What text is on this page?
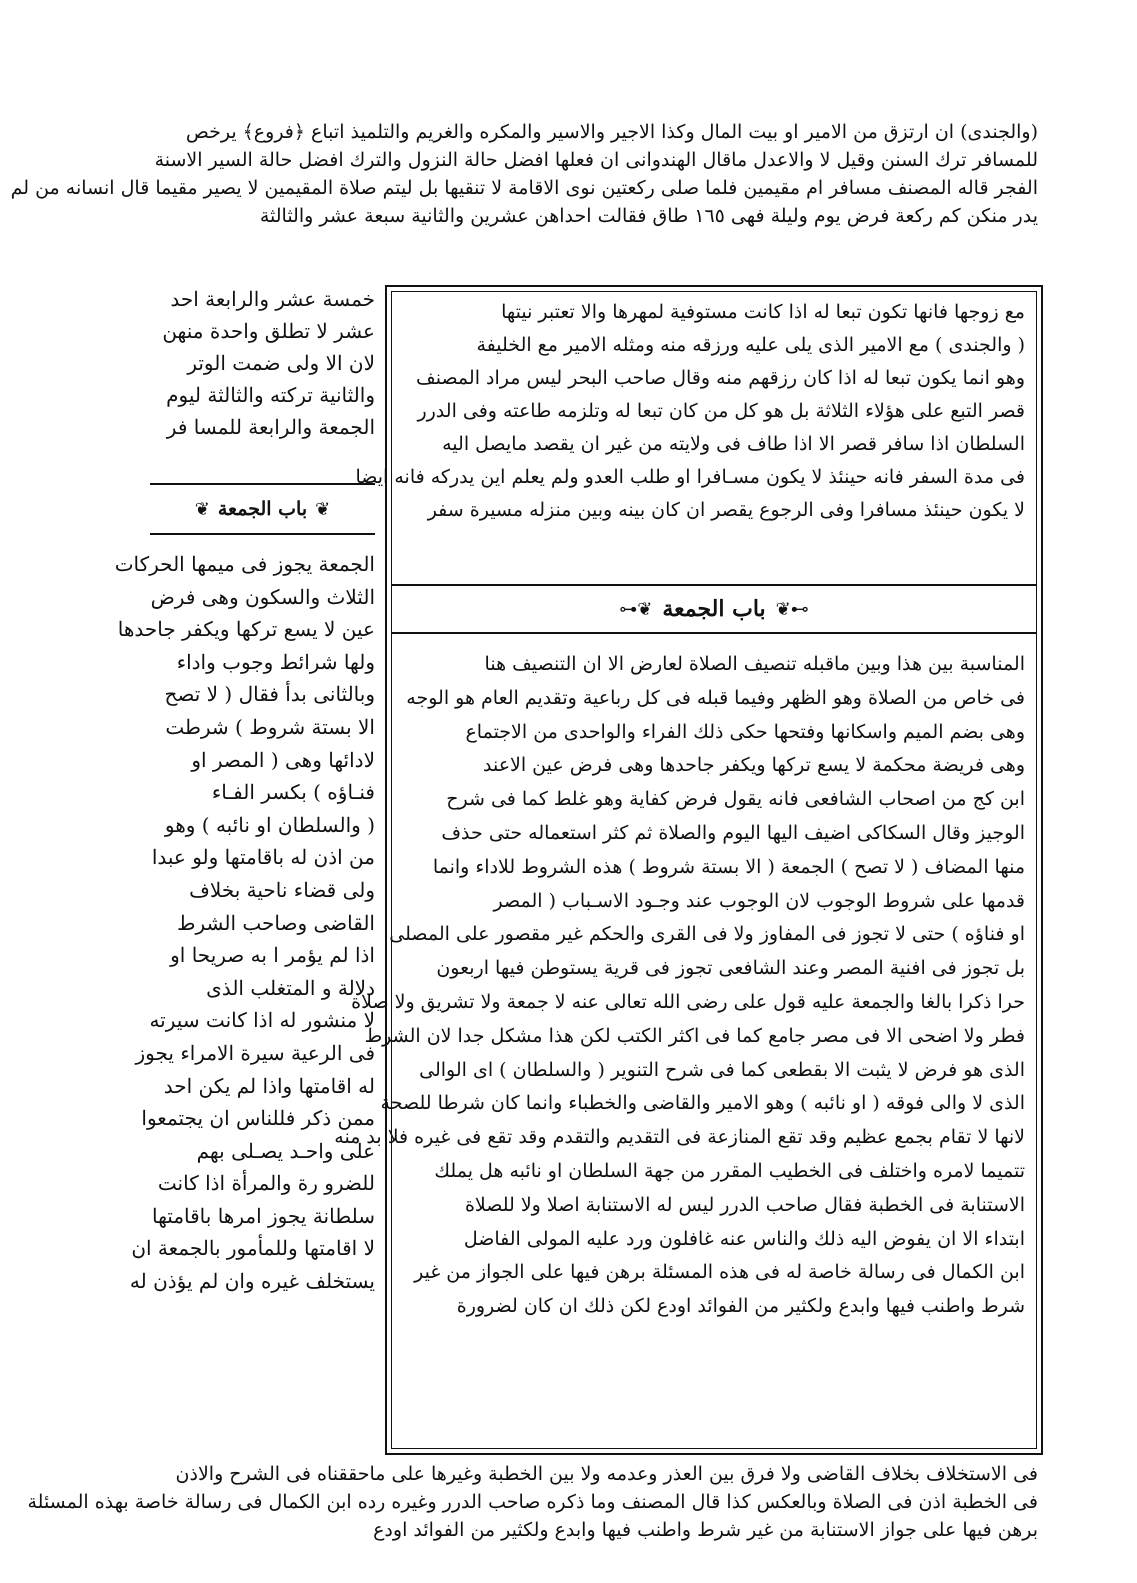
(والجندى) ان ارتزق من الامير او بيت المال وكذا الاجير والاسير والمكره والغريم والتلميذ اتباع ﴿فروع﴾ يرخص
للمسافر ترك السنن وقيل لا والاعدل ماقال الهندوانى ان فعلها افضل حالة النزول والترك افضل حالة السير الاسنة
الفجر قاله المصنف مسافر ام مقيمين فلما صلى ركعتين نوى الاقامة لا تنقيها بل ليتم صلاة المقيمين لا يصير مقيما قال انسانه من لم
يدر منكن كم ركعة فرض يوم وليلة فهى ١٦٥ طاق فقالت احداهن عشرين والثانية سبعة عشر والثالثة
خمسة عشر والرابعة احد
عشر لا تطلق واحدة منهن
لان الا ولى ضمت الوتر
والثانية تركته والثالثة ليوم
الجمعة والرابعة للمسا فر
❦
باب الجمعة
❦
الجمعة يجوز فى ميمها الحركات
الثلاث والسكون وهى فرض
عين لا يسع تركها ويكفر جاحدها
ولها شرائط وجوب واداء
وبالثانى بدأ فقال ( لا تصح
الا بستة شروط ) شرطت
لادائها وهى ( المصر او
فنـاؤه ) بكسر الفـاء
( والسلطان او نائبه ) وهو
من اذن له باقامتها ولو عبدا
ولى قضاء ناحية بخلاف
القاضى وصاحب الشرط
اذا لم يؤمر ا به صريحا او
دلالة و المتغلب الذى
لا منشور له اذا كانت سيرته
فى الرعية سيرة الامراء يجوز
له اقامتها واذا لم يكن احد
ممن ذكر فللناس ان يجتمعوا
على واحـد يصـلى بهم
للضرو رة والمرأة اذا كانت
سلطانة يجوز امرها باقامتها
لا اقامتها وللمأمور بالجمعة ان
يستخلف غيره وان لم يؤذن له
مع زوجها فانها تكون تبعا له اذا كانت مستوفية لمهرها والا تعتبر نيتها
( والجندى ) مع الامير الذى يلى عليه ورزقه منه ومثله الامير مع الخليفة
وهو انما يكون تبعا له اذا كان رزقهم منه وقال صاحب البحر ليس مراد المصنف
قصر التبع على هؤلاء الثلاثة بل هو كل من كان تبعا له وتلزمه طاعته وفى الدرر
السلطان اذا سافر قصر الا اذا طاف فى ولايته من غير ان يقصد مايصل اليه
فى مدة السفر فانه حينئذ لا يكون مسـافرا او طلب العدو ولم يعلم اين يدركه فانه ايضا
لا يكون حينئذ مسافرا وفى الرجوع يقصر ان كان بينه وبين منزله مسيرة سفر
⊶❦
باب الجمعة
❦⊷
المناسبة بين هذا وبين ماقبله تنصيف الصلاة لعارض الا ان التنصيف هنا
فى خاص من الصلاة وهو الظهر وفيما قبله فى كل رباعية وتقديم العام هو الوجه
وهى بضم الميم واسكانها وفتحها حكى ذلك الفراء والواحدى من الاجتماع
وهى فريضة محكمة لا يسع تركها ويكفر جاحدها وهى فرض عين الاعند
ابن كج من اصحاب الشافعى فانه يقول فرض كفاية وهو غلط كما فى شرح
الوجيز وقال السكاكى اضيف اليها اليوم والصلاة ثم كثر استعماله حتى حذف
منها المضاف ( لا تصح ) الجمعة ( الا بستة شروط ) هذه الشروط للاداء وانما
قدمها على شروط الوجوب لان الوجوب عند وجـود الاسـباب ( المصر
او فناؤه ) حتى لا تجوز فى المفاوز ولا فى القرى والحكم غير مقصور على المصلى
بل تجوز فى افنية المصر وعند الشافعى تجوز فى قرية يستوطن فيها اربعون
حرا ذكرا بالغا والجمعة عليه قول على رضى الله تعالى عنه لا جمعة ولا تشريق ولا صلاة
فطر ولا اضحى الا فى مصر جامع كما فى اكثر الكتب لكن هذا مشكل جدا لان الشرط
الذى هو فرض لا يثبت الا بقطعى كما فى شرح التنوير ( والسلطان ) اى الوالى
الذى لا والى فوقه ( او نائبه ) وهو الامير والقاضى والخطباء وانما كان شرطا للصحة
لانها لا تقام بجمع عظيم وقد تقع المنازعة فى التقديم والتقدم وقد تقع فى غيره فلا بد منه
تتميما لامره واختلف فى الخطيب المقرر من جهة السلطان او نائبه هل يملك
الاستنابة فى الخطبة فقال صاحب الدرر ليس له الاستنابة اصلا ولا للصلاة
ابتداء الا ان يفوض اليه ذلك والناس عنه غافلون ورد عليه المولى الفاضل
ابن الكمال فى رسالة خاصة له فى هذه المسئلة برهن فيها على الجواز من غير
شرط واطنب فيها وابدع ولكثير من الفوائد اودع لكن ذلك ان كان لضرورة
فى الاستخلاف بخلاف القاضى ولا فرق بين العذر وعدمه ولا بين الخطبة وغيرها على ماحققناه فى الشرح والاذن
فى الخطبة اذن فى الصلاة وبالعكس كذا قال المصنف وما ذكره صاحب الدرر وغيره رده ابن الكمال فى رسالة خاصة بهذه المسئلة
برهن فيها على جواز الاستنابة من غير شرط واطنب فيها وابدع ولكثير من الفوائد اودع
